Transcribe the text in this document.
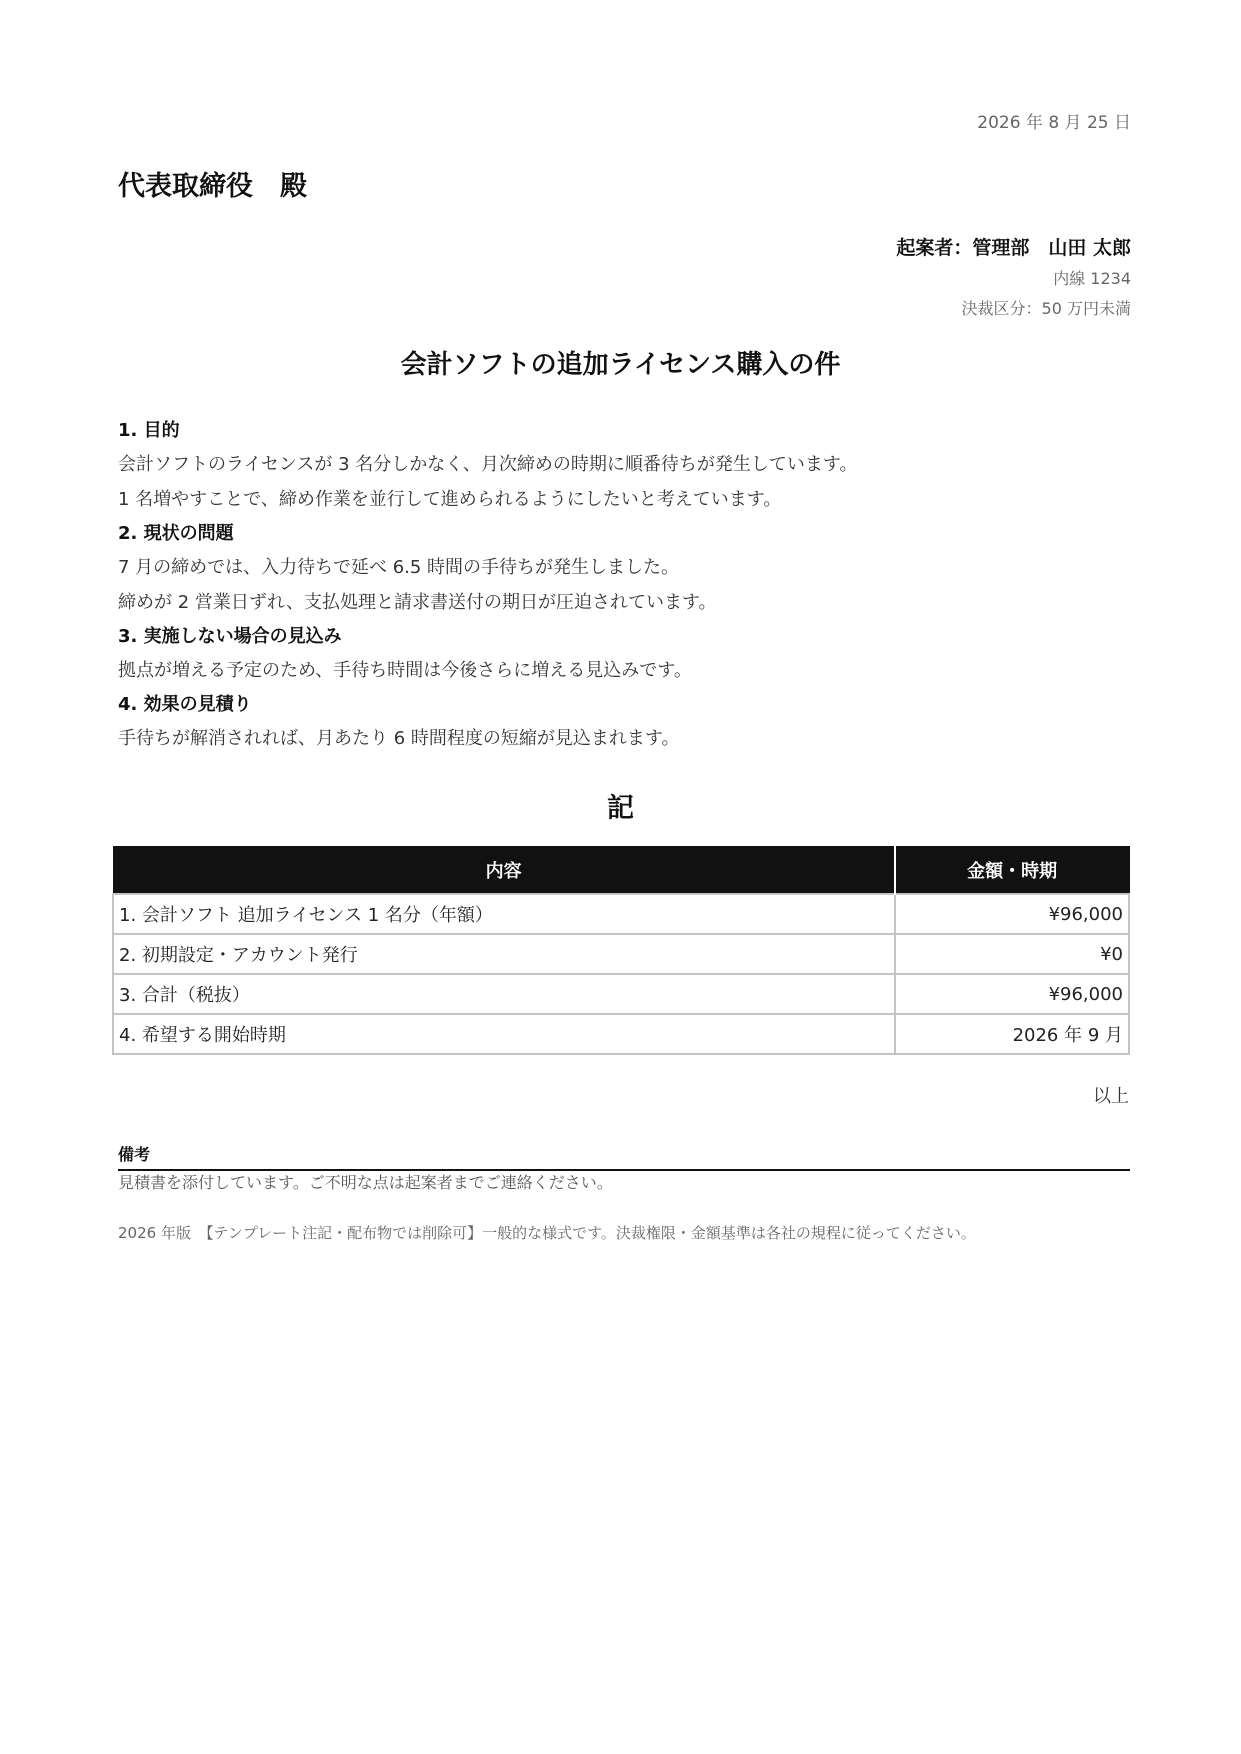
2026 年 8 月 25 日
代表取締役　殿
起案者：管理部　山田 太郎
内線 1234
決裁区分：50 万円未満
会計ソフトの追加ライセンス購入の件
1. 目的
会計ソフトのライセンスが 3 名分しかなく、月次締めの時期に順番待ちが発生しています。
1 名増やすことで、締め作業を並行して進められるようにしたいと考えています。
2. 現状の問題
7 月の締めでは、入力待ちで延べ 6.5 時間の手待ちが発生しました。
締めが 2 営業日ずれ、支払処理と請求書送付の期日が圧迫されています。
3. 実施しない場合の見込み
拠点が増える予定のため、手待ち時間は今後さらに増える見込みです。
4. 効果の見積り
手待ちが解消されれば、月あたり 6 時間程度の短縮が見込まれます。
記
内容	金額・時期
1. 会計ソフト 追加ライセンス 1 名分（年額）	¥96,000
2. 初期設定・アカウント発行	¥0
3. 合計（税抜）	¥96,000
4. 希望する開始時期	2026 年 9 月
以上
備考
見積書を添付しています。ご不明な点は起案者までご連絡ください。
2026 年版　【テンプレート注記・配布物では削除可】一般的な様式です。決裁権限・金額基準は各社の規程に従ってください。
